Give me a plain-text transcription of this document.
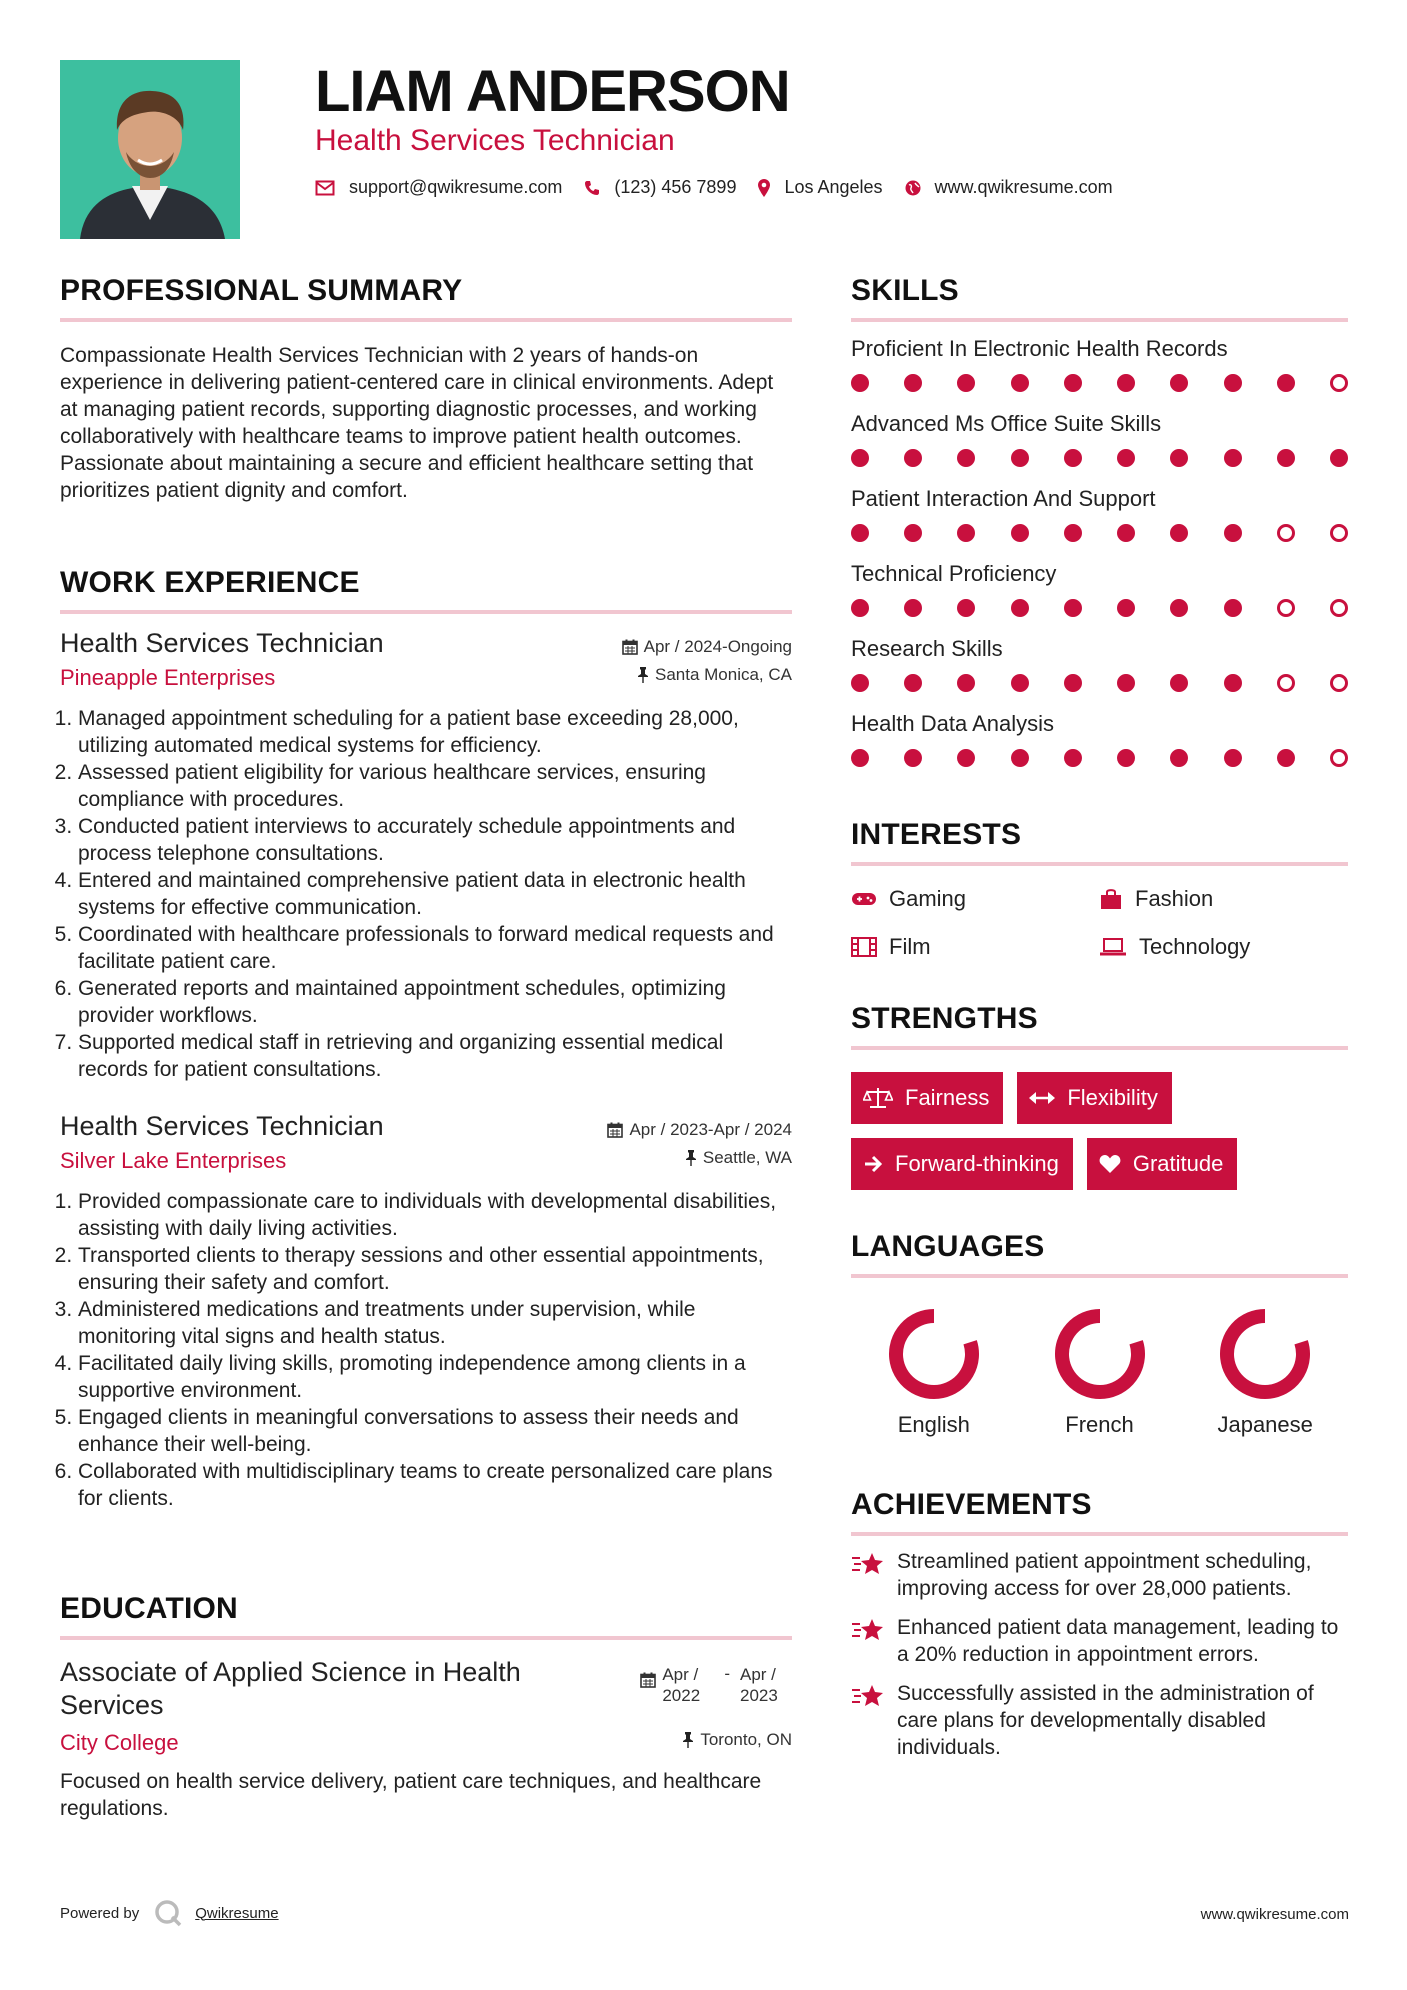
LIAM ANDERSON
Health Services Technician
support@qwikresume.com	(123) 456 7899	Los Angeles	www.qwikresume.com
PROFESSIONAL SUMMARY
Compassionate Health Services Technician with 2 years of hands-on experience in delivering patient-centered care in clinical environments. Adept at managing patient records, supporting diagnostic processes, and working collaboratively with healthcare teams to improve patient health outcomes. Passionate about maintaining a secure and efficient healthcare setting that prioritizes patient dignity and comfort.
WORK EXPERIENCE
Health Services Technician	Apr / 2024-Ongoing
Pineapple Enterprises	Santa Monica, CA
1. Managed appointment scheduling for a patient base exceeding 28,000, utilizing automated medical systems for efficiency.
2. Assessed patient eligibility for various healthcare services, ensuring compliance with procedures.
3. Conducted patient interviews to accurately schedule appointments and process telephone consultations.
4. Entered and maintained comprehensive patient data in electronic health systems for effective communication.
5. Coordinated with healthcare professionals to forward medical requests and facilitate patient care.
6. Generated reports and maintained appointment schedules, optimizing provider workflows.
7. Supported medical staff in retrieving and organizing essential medical records for patient consultations.
Health Services Technician	Apr / 2023-Apr / 2024
Silver Lake Enterprises	Seattle, WA
1. Provided compassionate care to individuals with developmental disabilities, assisting with daily living activities.
2. Transported clients to therapy sessions and other essential appointments, ensuring their safety and comfort.
3. Administered medications and treatments under supervision, while monitoring vital signs and health status.
4. Facilitated daily living skills, promoting independence among clients in a supportive environment.
5. Engaged clients in meaningful conversations to assess their needs and enhance their well-being.
6. Collaborated with multidisciplinary teams to create personalized care plans for clients.
EDUCATION
Associate of Applied Science in Health Services
Apr / 2022
- Apr / 2023
City College	Toronto, ON
Focused on health service delivery, patient care techniques, and healthcare regulations.
SKILLS
Proficient In Electronic Health Records
Advanced Ms Office Suite Skills
Patient Interaction And Support
Technical Proficiency
Research Skills
Health Data Analysis
INTERESTS
Gaming	Fashion
Film	Technology
STRENGTHS
Fairness	Flexibility
Forward-thinking	Gratitude
LANGUAGES
English	French	Japanese
ACHIEVEMENTS
Streamlined patient appointment scheduling, improving access for over 28,000 patients.
Enhanced patient data management, leading to a 20% reduction in appointment errors.
Successfully assisted in the administration of care plans for developmentally disabled individuals.
Powered by	Qwikresume	www.qwikresume.com
